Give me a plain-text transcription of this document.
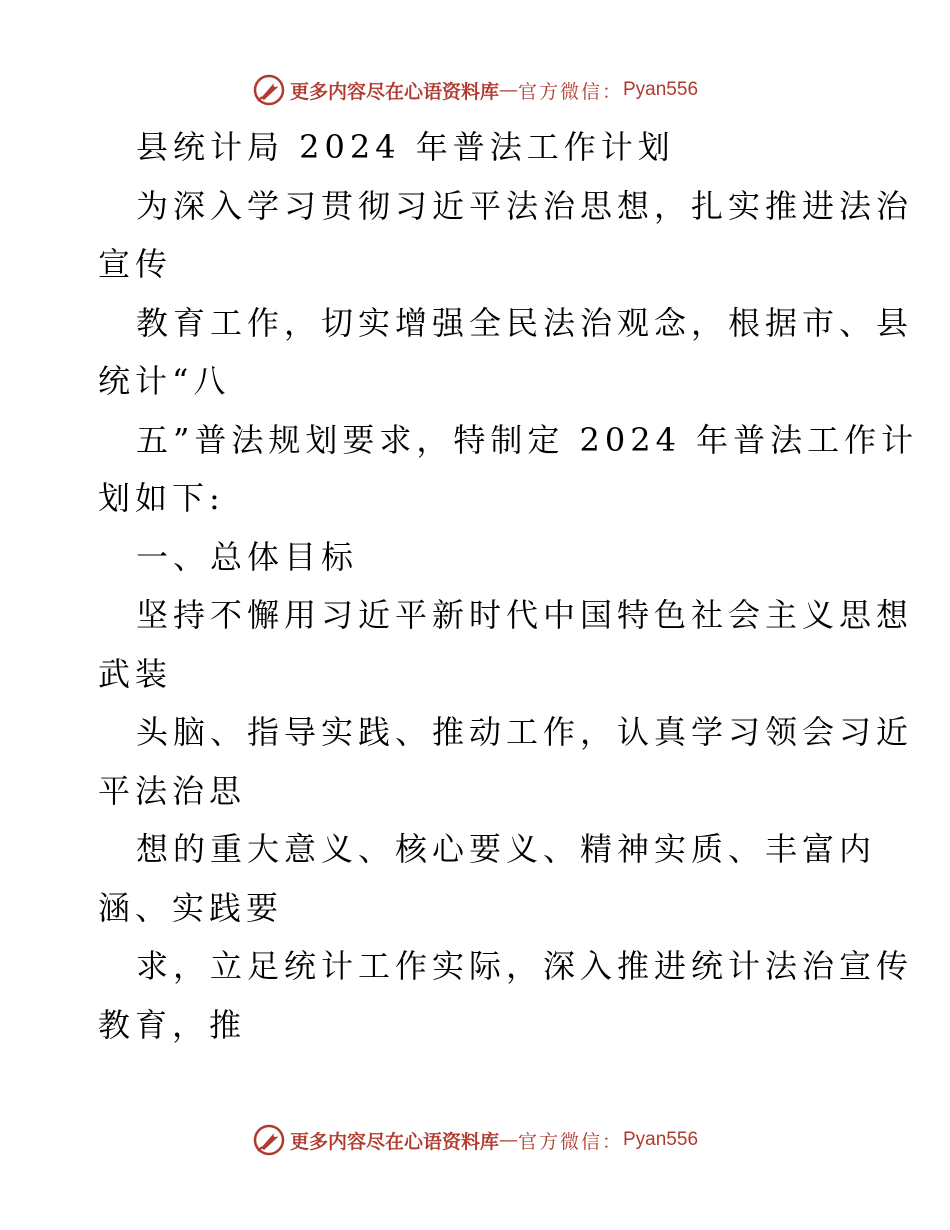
更多内容尽在心语资料库 — 官方微信： Pyan556
县统计局 2024 年普法工作计划
为深入学习贯彻习近平法治思想，扎实推进法治
宣传
教育工作，切实增强全民法治观念，根据市、县
统计“八
五”普法规划要求，特制定 2024 年普法工作计
划如下:
一、总体目标
坚持不懈用习近平新时代中国特色社会主义思想
武装
头脑、指导实践、推动工作，认真学习领会习近
平法治思
想的重大意义、核心要义、精神实质、丰富内
涵、实践要
求，立足统计工作实际，深入推进统计法治宣传
教育，推
更多内容尽在心语资料库 — 官方微信： Pyan556
